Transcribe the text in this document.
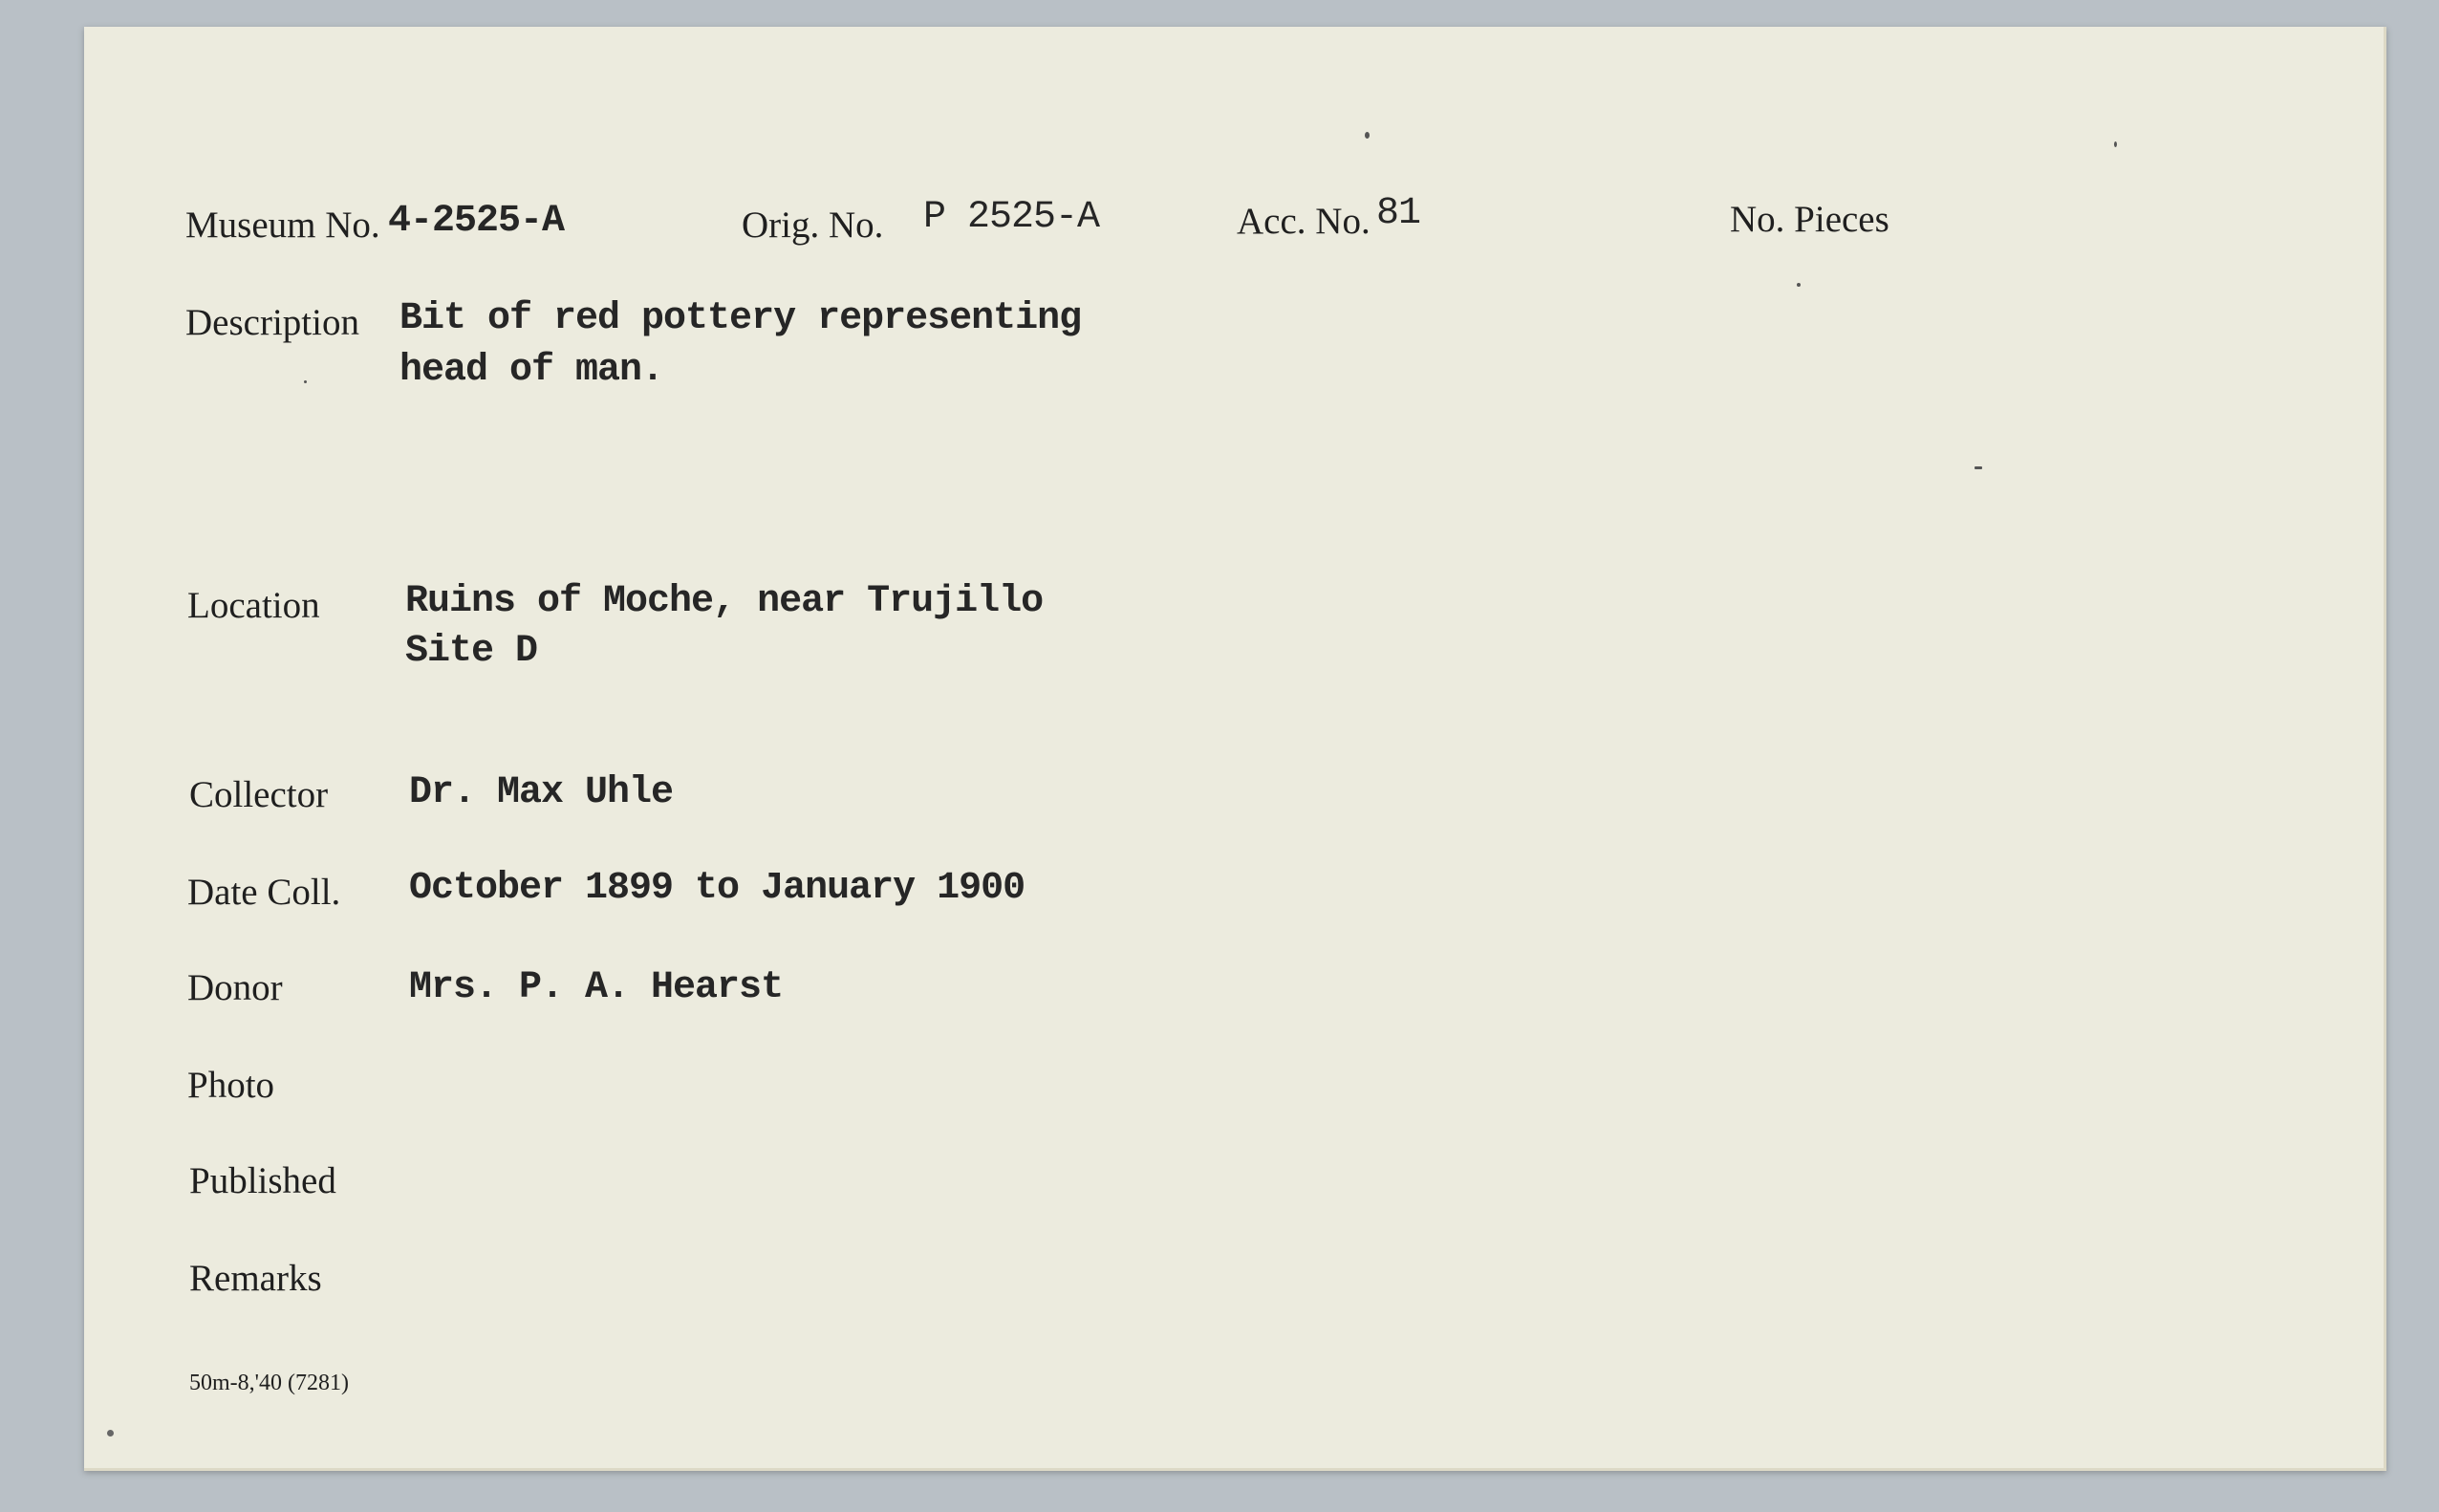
Museum No. 4-2525-A	Orig. No. P 2525-A	Acc. No. 81	No. Pieces
Description Bit of red pottery representing
head of man.
Location Ruins of Moche, near Trujillo
Site D
Collector Dr. Max Uhle
Date Coll. October 1899 to January 1900
Donor	Mrs. P. A. Hearst
Photo
Published
Remarks
50m-8,'40 (7281)
